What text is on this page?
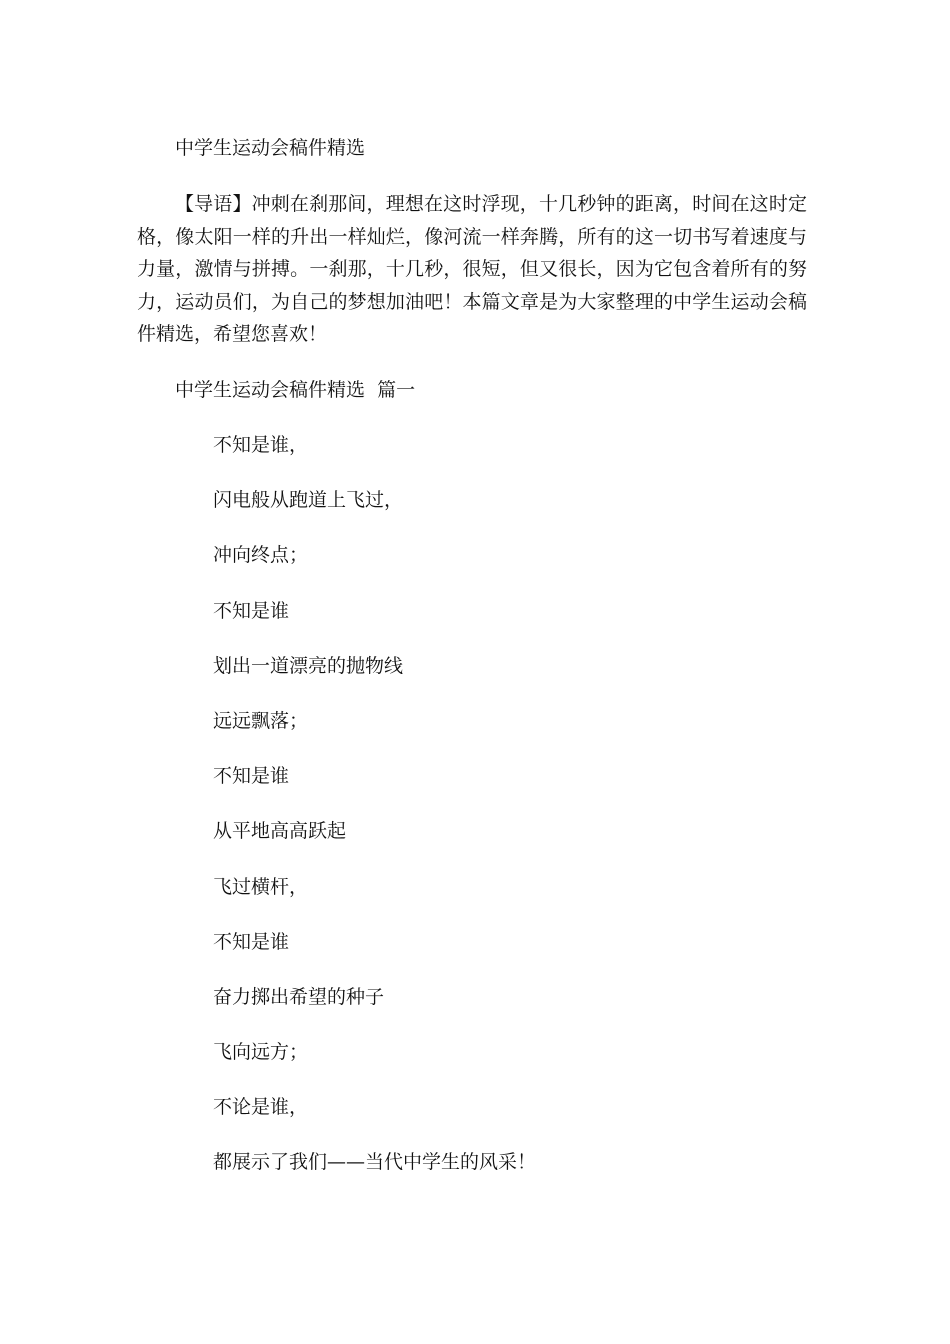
中学生运动会稿件精选

【导语】冲刺在刹那间，理想在这时浮现，十几秒钟的距离，时间在这时定格，像太阳一样的升出一样灿烂，像河流一样奔腾，所有的这一切书写着速度与力量，激情与拼搏。一刹那，十几秒，很短，但又很长，因为它包含着所有的努力，运动员们，为自己的梦想加油吧！本篇文章是为大家整理的中学生运动会稿件精选，希望您喜欢！

中学生运动会稿件精选  篇一
不知是谁，
闪电般从跑道上飞过，
冲向终点；
不知是谁
划出一道漂亮的抛物线
远远飘落；
不知是谁
从平地高高跃起
飞过横杆，
不知是谁
奋力掷出希望的种子
飞向远方；
不论是谁，
都展示了我们——当代中学生的风采！
